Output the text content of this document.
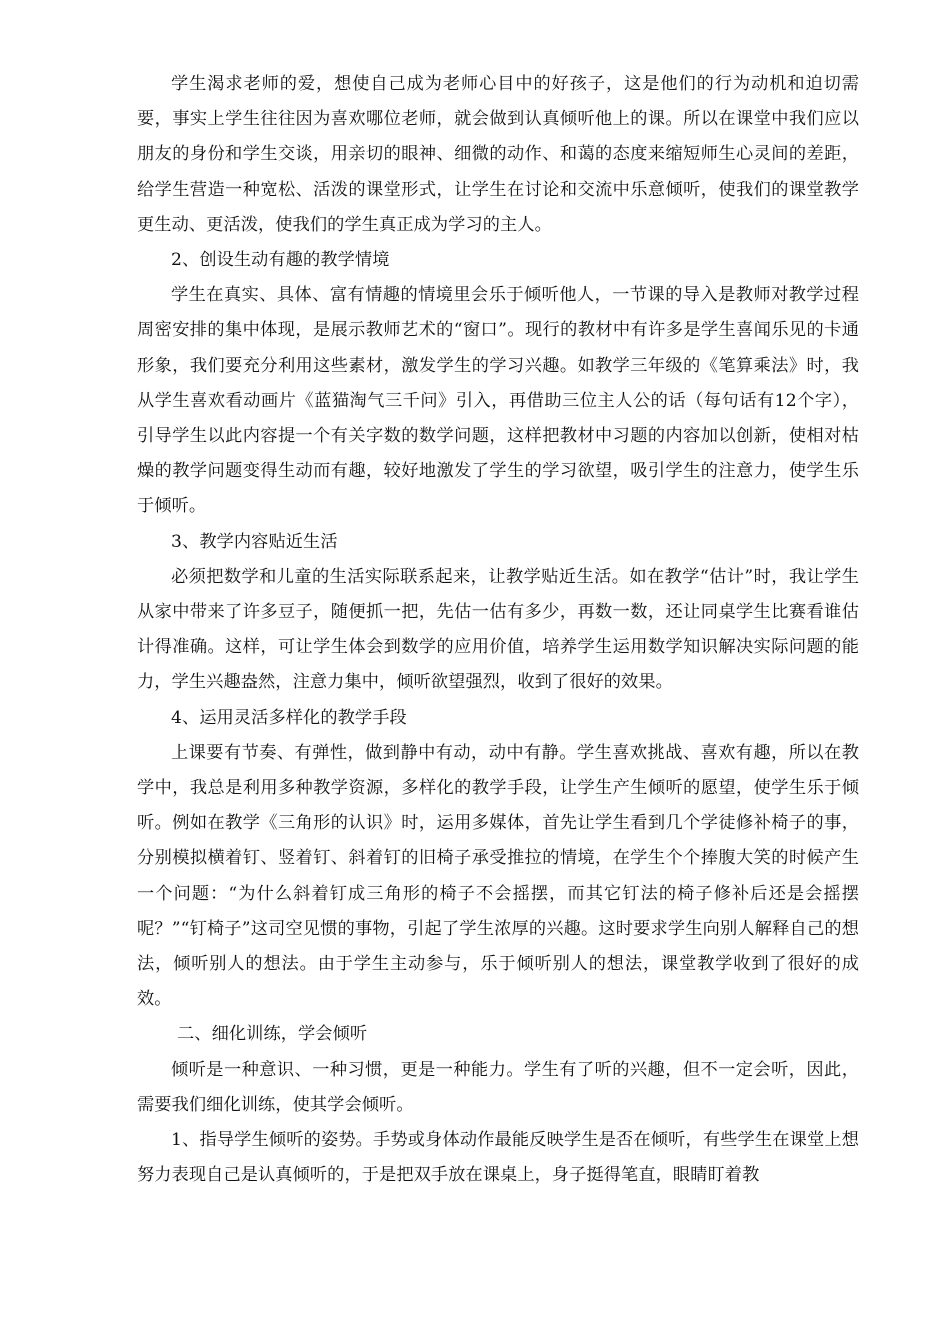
学生渴求老师的爱，想使自己成为老师心目中的好孩子，这是他们的行为动机和迫切需要，事实上学生往往因为喜欢哪位老师，就会做到认真倾听他上的课。所以在课堂中我们应以朋友的身份和学生交谈，用亲切的眼神、细微的动作、和蔼的态度来缩短师生心灵间的差距，给学生营造一种宽松、活泼的课堂形式，让学生在讨论和交流中乐意倾听，使我们的课堂教学更生动、更活泼，使我们的学生真正成为学习的主人。

2、创设生动有趣的教学情境

学生在真实、具体、富有情趣的情境里会乐于倾听他人，一节课的导入是教师对教学过程周密安排的集中体现，是展示教师艺术的“窗口”。现行的教材中有许多是学生喜闻乐见的卡通形象，我们要充分利用这些素材，激发学生的学习兴趣。如教学三年级的《笔算乘法》时，我从学生喜欢看动画片《蓝猫淘气三千问》引入，再借助三位主人公的话（每句话有12个字），引导学生以此内容提一个有关字数的数学问题，这样把教材中习题的内容加以创新，使相对枯燥的教学问题变得生动而有趣，较好地激发了学生的学习欲望，吸引学生的注意力，使学生乐于倾听。

3、教学内容贴近生活

必须把数学和儿童的生活实际联系起来，让教学贴近生活。如在教学“估计”时，我让学生从家中带来了许多豆子，随便抓一把，先估一估有多少，再数一数，还让同桌学生比赛看谁估计得准确。这样，可让学生体会到数学的应用价值，培养学生运用数学知识解决实际问题的能力，学生兴趣盎然，注意力集中，倾听欲望强烈，收到了很好的效果。

4、运用灵活多样化的教学手段

上课要有节奏、有弹性，做到静中有动，动中有静。学生喜欢挑战、喜欢有趣，所以在教学中，我总是利用多种教学资源，多样化的教学手段，让学生产生倾听的愿望，使学生乐于倾听。例如在教学《三角形的认识》时，运用多媒体，首先让学生看到几个学徒修补椅子的事，分别模拟横着钉、竖着钉、斜着钉的旧椅子承受推拉的情境，在学生个个捧腹大笑的时候产生一个问题：“为什么斜着钉成三角形的椅子不会摇摆，而其它钉法的椅子修补后还是会摇摆呢？”“钉椅子”这司空见惯的事物，引起了学生浓厚的兴趣。这时要求学生向别人解释自己的想法，倾听别人的想法。由于学生主动参与，乐于倾听别人的想法，课堂教学收到了很好的成效。

二、细化训练，学会倾听

倾听是一种意识、一种习惯，更是一种能力。学生有了听的兴趣，但不一定会听，因此，需要我们细化训练，使其学会倾听。

1、指导学生倾听的姿势。手势或身体动作最能反映学生是否在倾听，有些学生在课堂上想努力表现自己是认真倾听的，于是把双手放在课桌上，身子挺得笔直，眼睛盯着教
